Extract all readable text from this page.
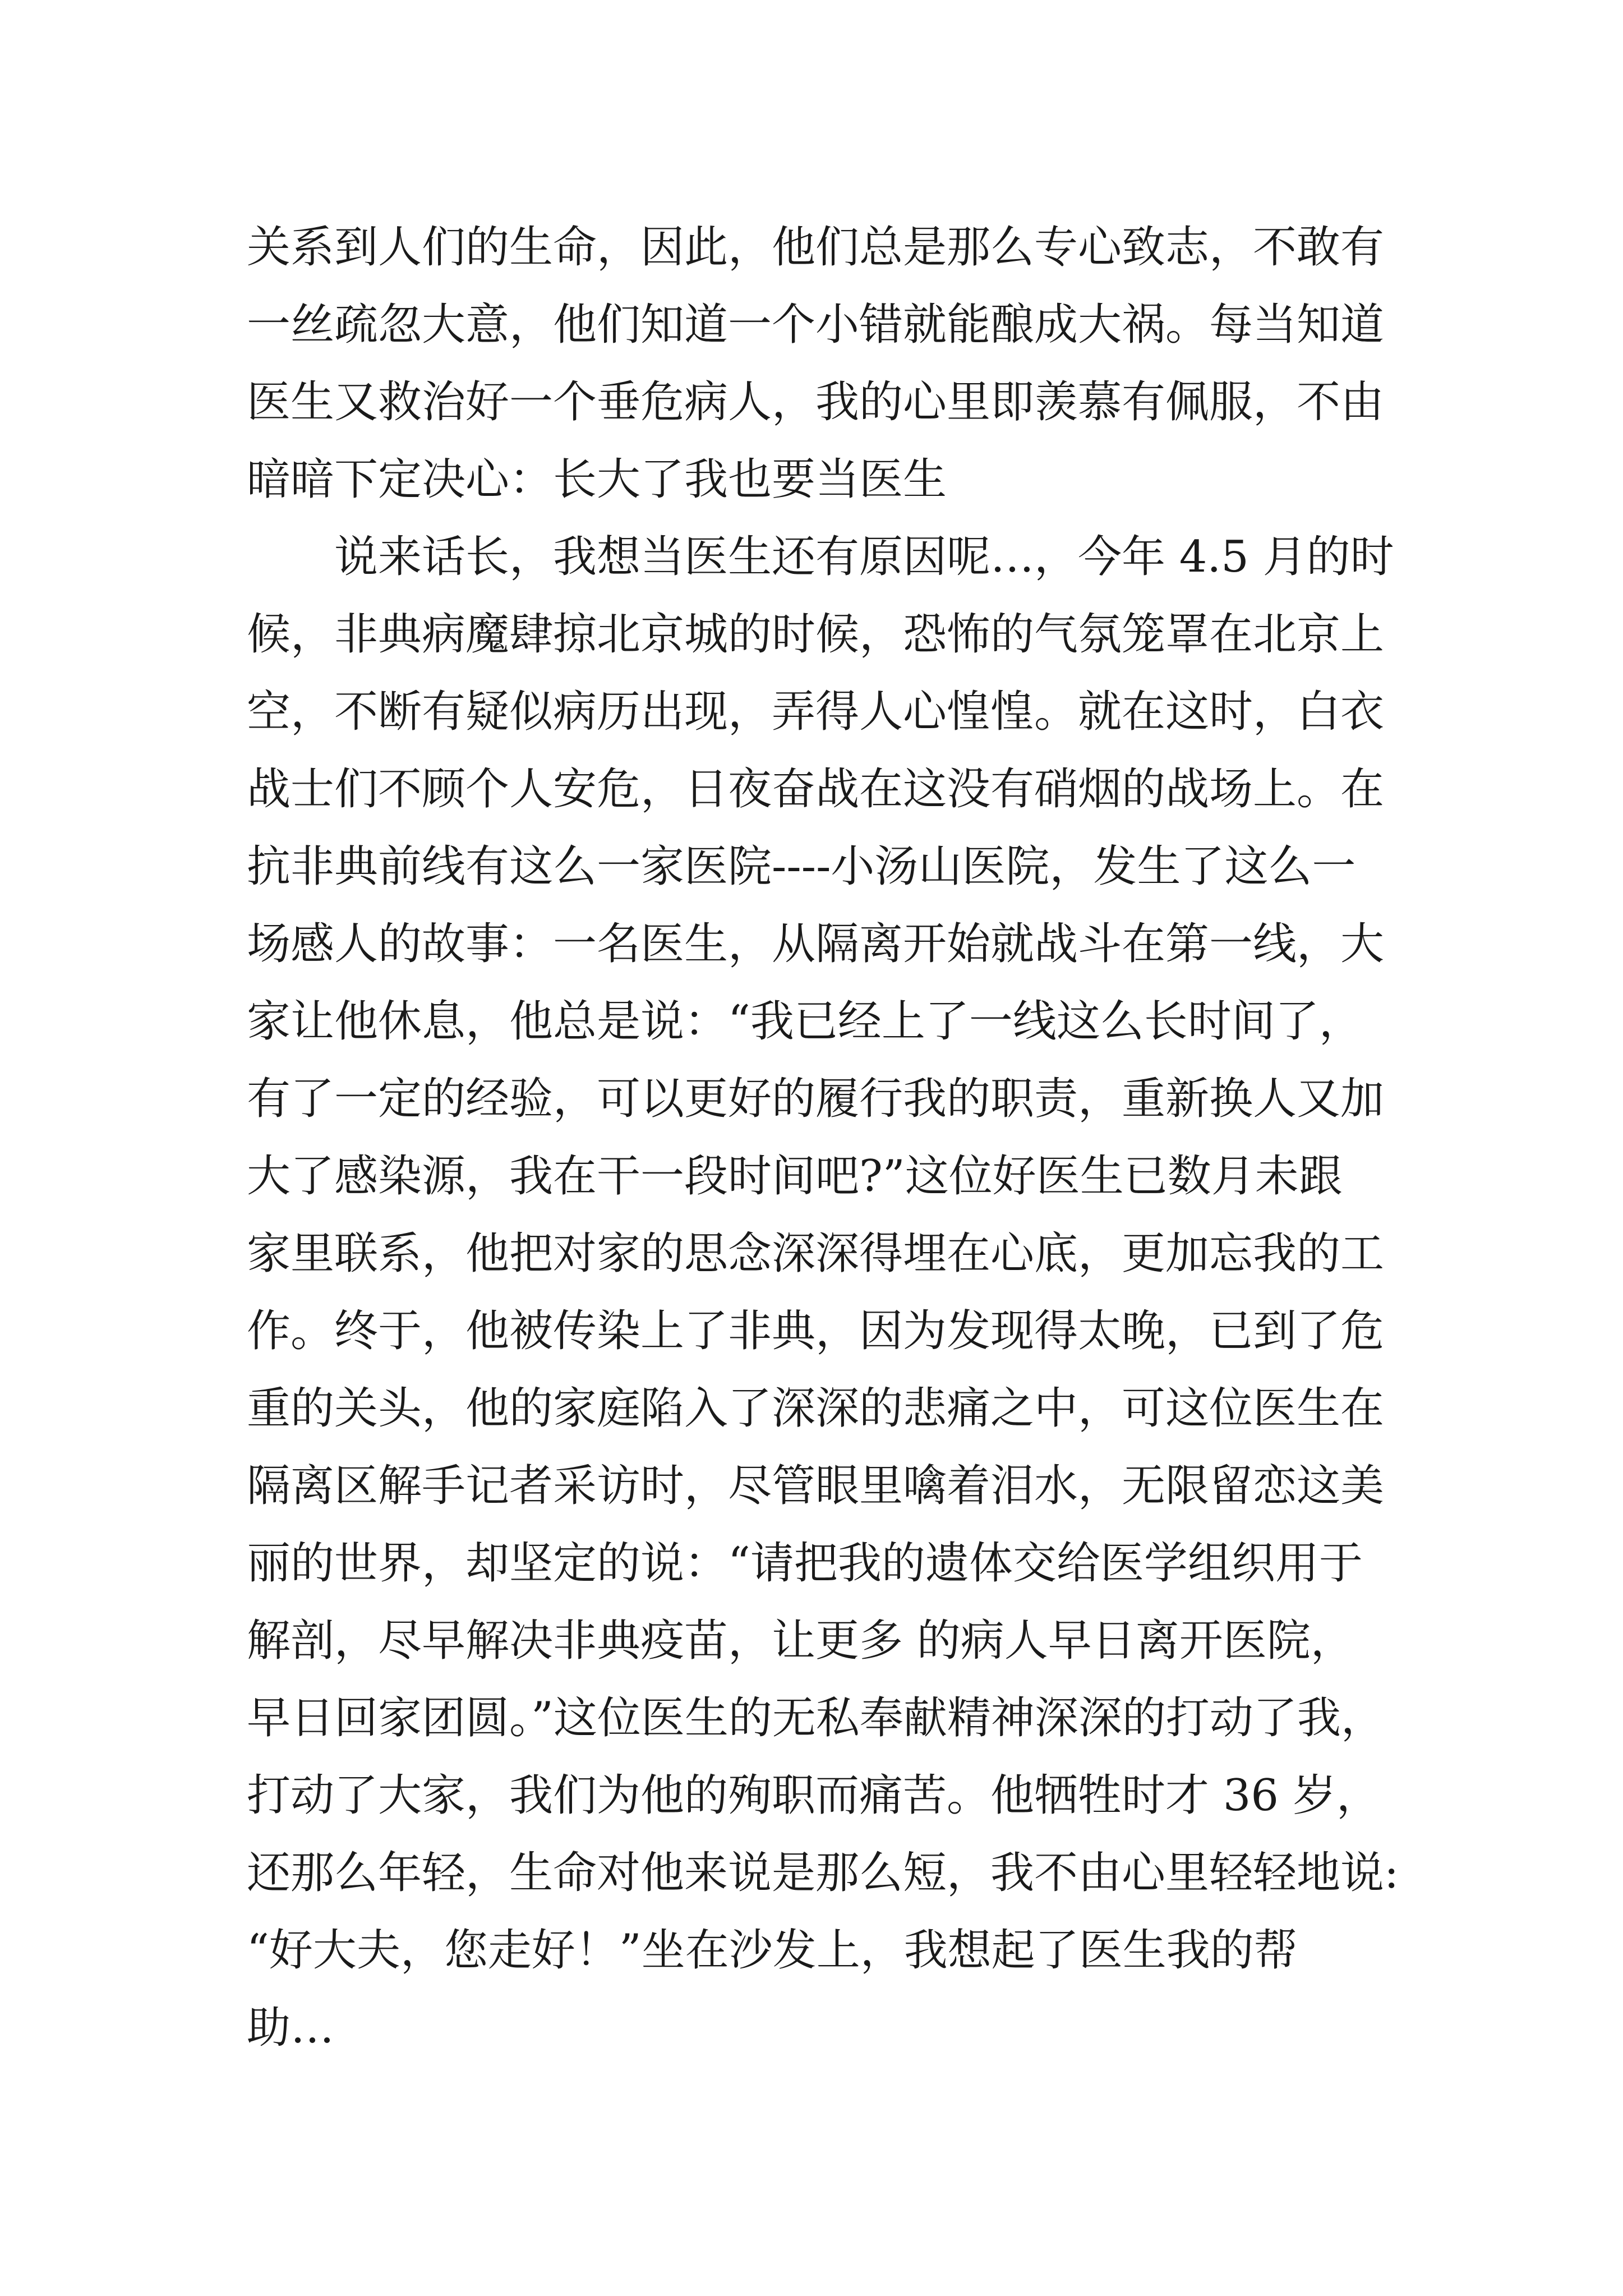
关系到人们的生命，因此，他们总是那么专心致志，不敢有
一丝疏忽大意，他们知道一个小错就能酿成大祸。每当知道
医生又救治好一个垂危病人，我的心里即羡慕有佩服，不由
暗暗下定决心：长大了我也要当医生
说来话长，我想当医生还有原因呢…，今年 4.5 月的时
候，非典病魔肆掠北京城的时候，恐怖的气氛笼罩在北京上
空，不断有疑似病历出现，弄得人心惶惶。就在这时，白衣
战士们不顾个人安危，日夜奋战在这没有硝烟的战场上。在
抗非典前线有这么一家医院----小汤山医院，发生了这么一
场感人的故事：一名医生，从隔离开始就战斗在第一线，大
家让他休息，他总是说：“我已经上了一线这么长时间了，
有了一定的经验，可以更好的履行我的职责，重新换人又加
大了感染源，我在干一段时间吧?”这位好医生已数月未跟
家里联系，他把对家的思念深深得埋在心底，更加忘我的工
作。终于，他被传染上了非典，因为发现得太晚，已到了危
重的关头，他的家庭陷入了深深的悲痛之中，可这位医生在
隔离区解手记者采访时，尽管眼里噙着泪水，无限留恋这美
丽的世界，却坚定的说：“请把我的遗体交给医学组织用于
解剖，尽早解决非典疫苗，让更多 的病人早日离开医院，
早日回家团圆。”这位医生的无私奉献精神深深的打动了我，
打动了大家，我们为他的殉职而痛苦。他牺牲时才 36 岁，
还那么年轻，生命对他来说是那么短，我不由心里轻轻地说:
“好大夫，您走好！”坐在沙发上，我想起了医生我的帮
助…
